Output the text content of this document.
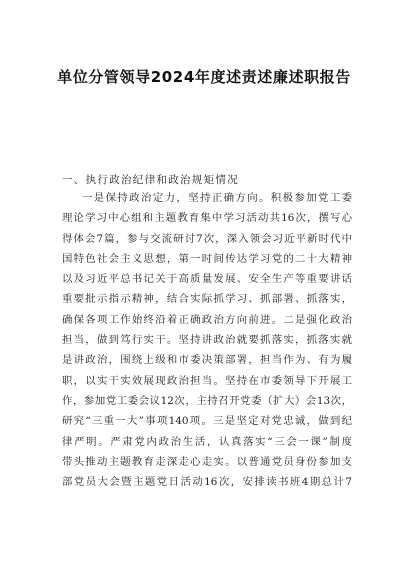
单位分管领导2024年度述责述廉述职报告
一、执行政治纪律和政治规矩情况
一是保持政治定力，坚持正确方向。积极参加党工委
理论学习中心组和主题教育集中学习活动共16次，撰写心
得体会7篇，参与交流研讨7次，深入领会习近平新时代中
国特色社会主义思想，第一时间传达学习党的二十大精神
以及习近平总书记关于高质量发展、安全生产等重要讲话
重要批示指示精神，结合实际抓学习、抓部署、抓落实，
确保各项工作始终沿着正确政治方向前进。二是强化政治
担当，做到笃行实干。坚持讲政治就要抓落实，抓落实就
是讲政治，围绕上级和市委决策部署，担当作为、有为履
职，以实干实效展现政治担当。坚持在市委领导下开展工
作，参加党工委会议12次，主持召开党委（扩大）会13次，
研究“三重一大”事项140项。三是坚定对党忠诚，做到纪
律严明。严肃党内政治生活，认真落实“三会一课”制度
带头推动主题教育走深走心走实。以普通党员身份参加支
部党员大会暨主题党日活动16次，安排读书班4期总计7
